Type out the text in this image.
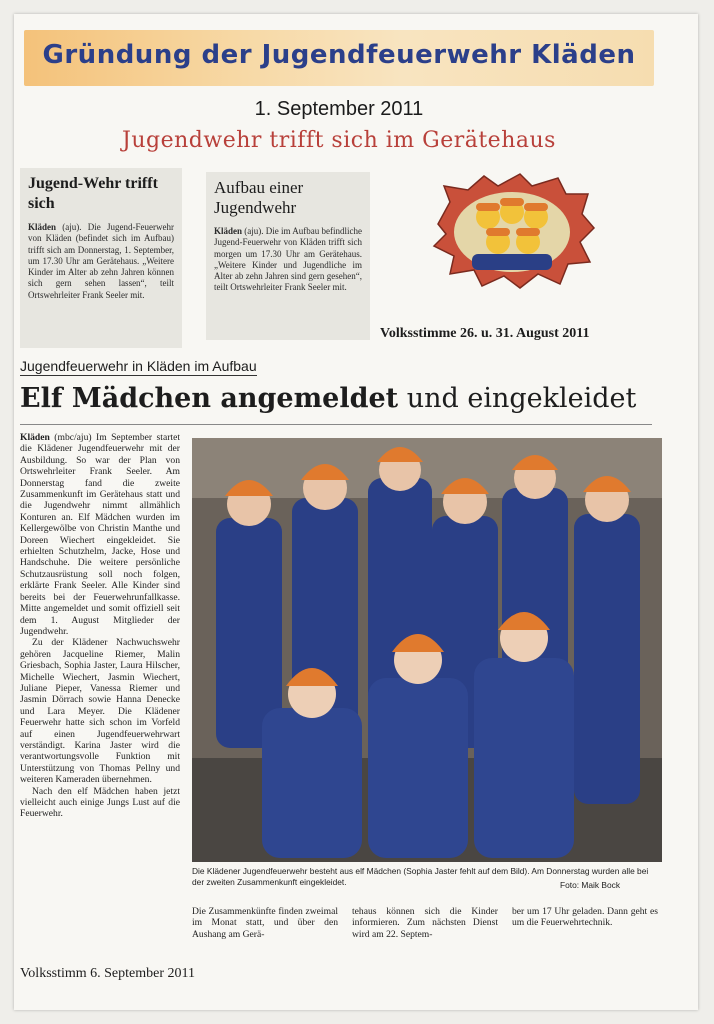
Gründung der Jugendfeuerwehr Kläden
1. September 2011
Jugendwehr trifft sich im Gerätehaus
Jugend-Wehr trifft sich

Kläden (aju). Die Jugend-Feuerwehr von Kläden (befindet sich im Aufbau) trifft sich am Donnerstag, 1. September, um 17.30 Uhr am Gerätehaus. „Weitere Kinder im Alter ab zehn Jahren können sich gern sehen lassen“, teilt Ortswehrleiter Frank Seeler mit.

Aufbau einer Jugendwehr

Kläden (aju). Die im Aufbau befindliche Jugend-Feuerwehr von Kläden trifft sich morgen um 17.30 Uhr am Gerätehaus. „Weitere Kinder und Jugendliche im Alter ab zehn Jahren sind gern gesehen“, teilt Ortswehrleiter Frank Seeler mit.

Volksstimme 26. u. 31. August 2011
Jugendfeuerwehr in Kläden im Aufbau
Elf Mädchen angemeldet und eingekleidet

Kläden (mbc/aju) Im September startet die Klädener Jugendfeuerwehr mit der Ausbildung. So war der Plan von Ortswehrleiter Frank Seeler. Am Donnerstag fand die zweite Zusammenkunft im Gerätehaus statt und die Jugendwehr nimmt allmählich Konturen an. Elf Mädchen wurden im Kellergewölbe von Christin Manthe und Doreen Wiechert eingekleidet. Sie erhielten Schutzhelm, Jacke, Hose und Handschuhe. Die weitere persönliche Schutzausrüstung soll noch folgen, erklärte Frank Seeler. Alle Kinder sind bereits bei der Feuerwehrunfallkasse. Mitte angemeldet und somit offiziell seit dem 1. August Mitglieder der Jugendwehr.

Zu der Klädener Nachwuchswehr gehören Jacqueline Riemer, Malin Griesbach, Sophia Jaster, Laura Hilscher, Michelle Wiechert, Jasmin Wiechert, Juliane Pieper, Vanessa Riemer und Jasmin Dörrach sowie Hanna Denecke und Lara Meyer. Die Klädener Feuerwehr hatte sich schon im Vorfeld auf einen Jugendfeuerwehrwart verständigt. Karina Jaster wird die verantwortungsvolle Funktion mit Unterstützung von Thomas Pellny und weiteren Kameraden übernehmen.

Nach den elf Mädchen haben jetzt vielleicht auch einige Jungs Lust auf die Feuerwehr.

Die Klädener Jugendfeuerwehr besteht aus elf Mädchen (Sophia Jaster fehlt auf dem Bild). Am Donnerstag wurden alle bei der zweiten Zusammenkunft eingekleidet.	Foto: Maik Bock
Die Zusammenkünfte finden zweimal im Monat statt, und über den Aushang am Gerä-
tehaus können sich die Kinder informieren. Zum nächsten Dienst wird am 22. Septem-
ber um 17 Uhr geladen. Dann geht es um die Feuerwehrtechnik.
Volksstimm 6. September 2011
